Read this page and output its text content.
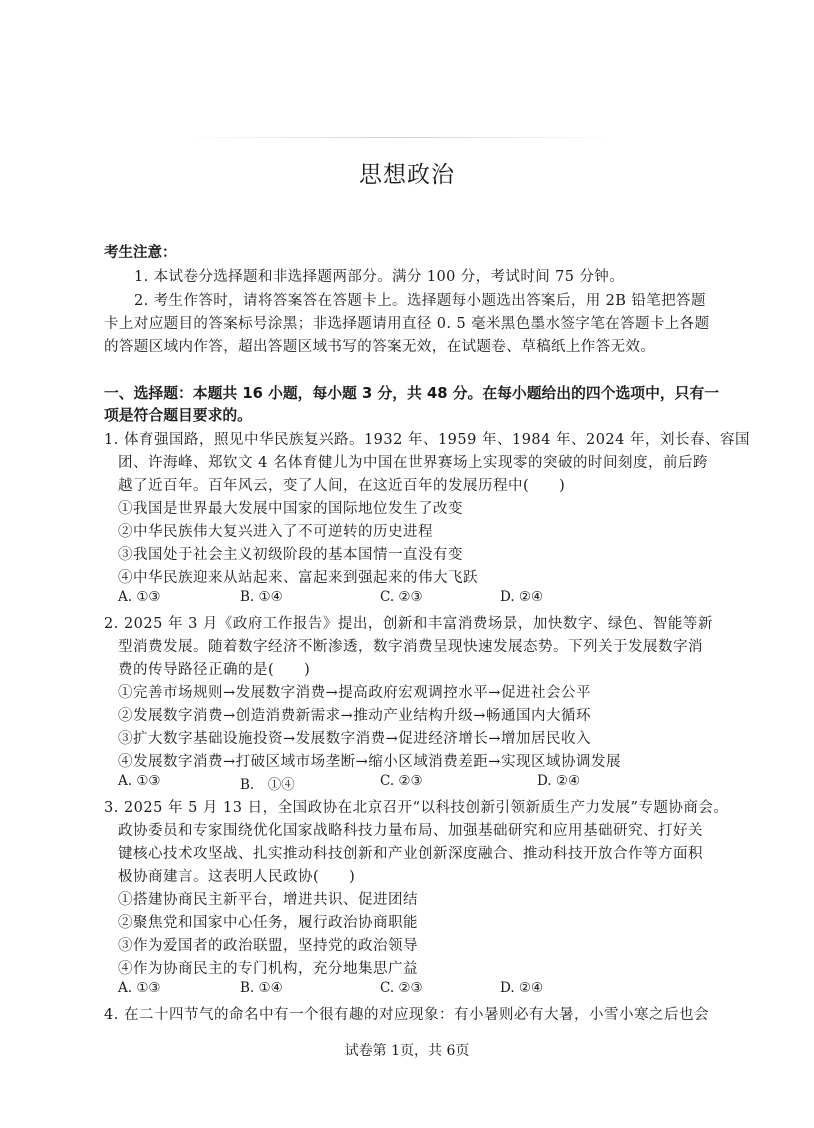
思想政治
考生注意：
1. 本试卷分选择题和非选择题两部分。满分 100 分，考试时间 75 分钟。
2. 考生作答时，请将答案答在答题卡上。选择题每小题选出答案后，用 2B 铅笔把答题
卡上对应题目的答案标号涂黑；非选择题请用直径 0. 5 毫米黑色墨水签字笔在答题卡上各题
的答题区域内作答，超出答题区域书写的答案无效，在试题卷、草稿纸上作答无效。
一、选择题：本题共 16 小题，每小题 3 分，共 48 分。在每小题给出的四个选项中，只有一
项是符合题目要求的。
1. 体育强国路，照见中华民族复兴路。1932 年、1959 年、1984 年、2024 年，刘长春、容国
团、许海峰、郑钦文 4 名体育健儿为中国在世界赛场上实现零的突破的时间刻度，前后跨
越了近百年。百年风云，变了人间，在这近百年的发展历程中(　　)
①我国是世界最大发展中国家的国际地位发生了改变
②中华民族伟大复兴进入了不可逆转的历史进程
③我国处于社会主义初级阶段的基本国情一直没有变
④中华民族迎来从站起来、富起来到强起来的伟大飞跃
A. ①③	B. ①④	C. ②③	D. ②④
2. 2025 年 3 月《政府工作报告》提出，创新和丰富消费场景，加快数字、绿色、智能等新
型消费发展。随着数字经济不断渗透，数字消费呈现快速发展态势。下列关于发展数字消
费的传导路径正确的是(　　)
①完善市场规则→发展数字消费→提高政府宏观调控水平→促进社会公平
②发展数字消费→创造消费新需求→推动产业结构升级→畅通国内大循环
③扩大数字基础设施投资→发展数字消费→促进经济增长→增加居民收入
④发展数字消费→打破区域市场垄断→缩小区域消费差距→实现区域协调发展
A. ①③	B.　①④	C. ②③	D. ②④
3. 2025 年 5 月 13 日，全国政协在北京召开“以科技创新引领新质生产力发展”专题协商会。
政协委员和专家围绕优化国家战略科技力量布局、加强基础研究和应用基础研究、打好关
键核心技术攻坚战、扎实推动科技创新和产业创新深度融合、推动科技开放合作等方面积
极协商建言。这表明人民政协(　　)
①搭建协商民主新平台，增进共识、促进团结
②聚焦党和国家中心任务，履行政治协商职能
③作为爱国者的政治联盟，坚持党的政治领导
④作为协商民主的专门机构，充分地集思广益
A. ①③	B. ①④	C. ②③	D. ②④
4. 在二十四节气的命名中有一个很有趣的对应现象：有小暑则必有大暑，小雪小寒之后也会
试卷第 1页，共 6页
